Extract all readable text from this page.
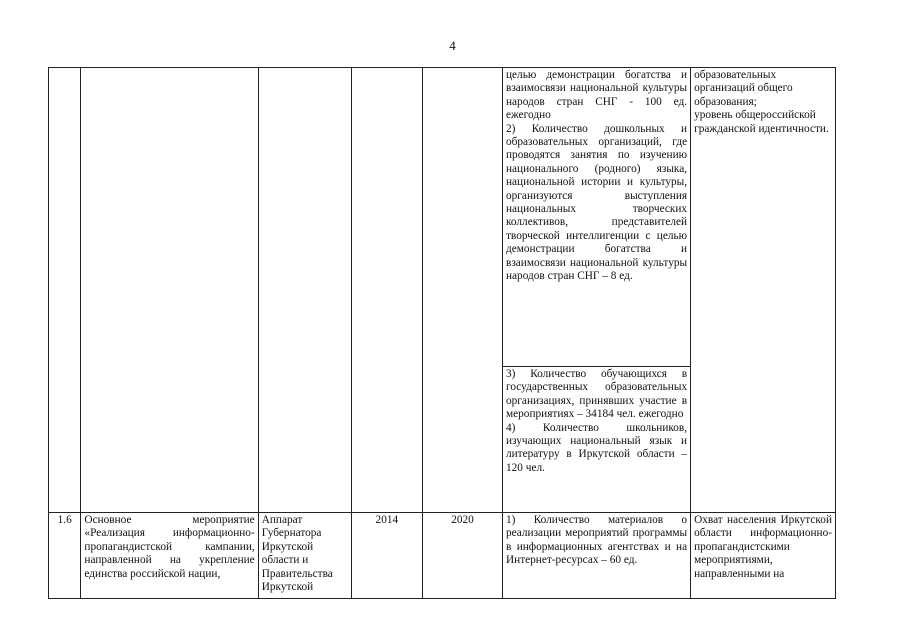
4

					целью демонстрации богатства и взаимосвязи национальной культуры народов стран СНГ - 100 ед. ежегодно
2) Количество дошкольных и образовательных организаций, где проводятся занятия по изучению национального (родного) языка, национальной истории и культуры, организуются выступления национальных творческих коллективов, представителей творческой интеллигенции с целью демонстрации богатства и взаимосвязи национальной культуры народов стран СНГ – 8 ед.	образовательных организаций общего образования;
уровень общероссийской гражданской идентичности.

					3) Количество обучающихся в государственных образовательных организациях, принявших участие в мероприятиях – 34184 чел. ежегодно
4) Количество школьников, изучающих национальный язык и литературу в Иркутской области – 120 чел.	

1.6	Основное мероприятие «Реализация информационно-пропагандистской кампании, направленной на укрепление единства российской нации,	Аппарат Губернатора Иркутской области и Правительства Иркутской	2014	2020	1) Количество материалов о реализации мероприятий программы в информационных агентствах и на Интернет-ресурсах – 60 ед.	Охват населения Иркутской области информационно-пропагандистскими мероприятиями, направленными на
